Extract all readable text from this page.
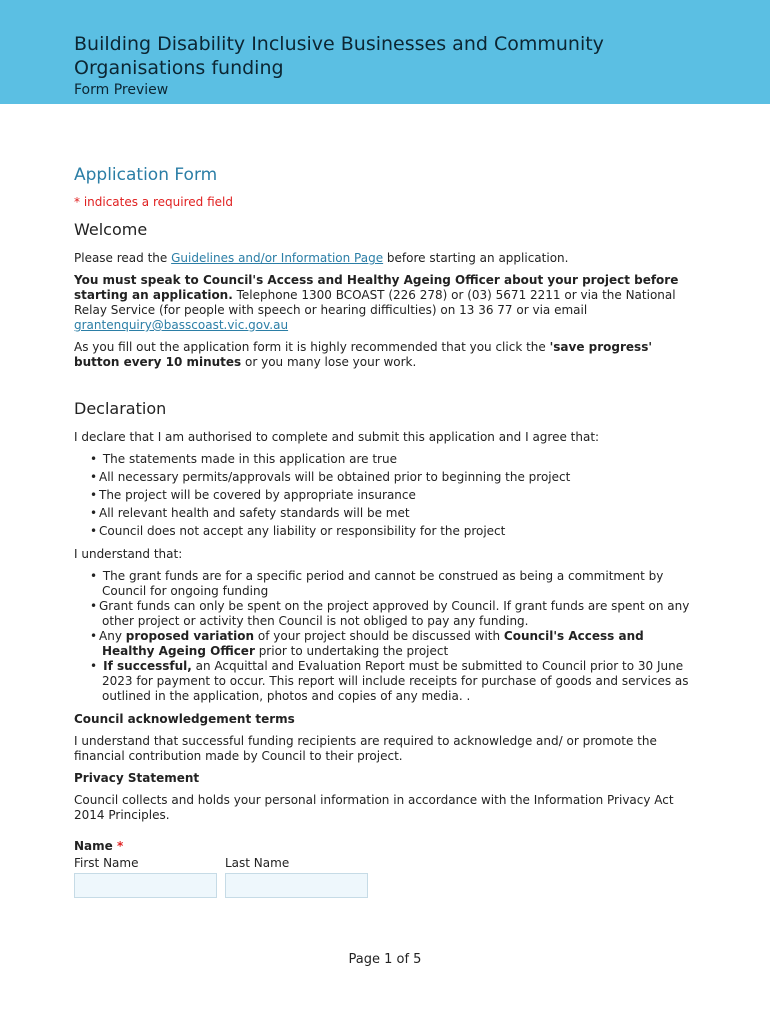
Building Disability Inclusive Businesses and Community Organisations funding
Form Preview
Application Form
* indicates a required field
Welcome

Please read the Guidelines and/or Information Page before starting an application.

You must speak to Council's Access and Healthy Ageing Officer about your project before starting an application. Telephone 1300 BCOAST (226 278) or (03) 5671 2211 or via the National Relay Service (for people with speech or hearing difficulties) on 13 36 77 or via email grantenquiry@basscoast.vic.gov.au

As you fill out the application form it is highly recommended that you click the 'save progress' button every 10 minutes or you many lose your work.

Declaration

I declare that I am authorised to complete and submit this application and I agree that:

• The statements made in this application are true
• All necessary permits/approvals will be obtained prior to beginning the project
• The project will be covered by appropriate insurance
• All relevant health and safety standards will be met
• Council does not accept any liability or responsibility for the project

I understand that:

• The grant funds are for a specific period and cannot be construed as being a commitment by Council for ongoing funding
• Grant funds can only be spent on the project approved by Council. If grant funds are spent on any other project or activity then Council is not obliged to pay any funding.
• Any proposed variation of your project should be discussed with Council's Access and Healthy Ageing Officer prior to undertaking the project
• If successful, an Acquittal and Evaluation Report must be submitted to Council prior to 30 June 2023 for payment to occur. This report will include receipts for purchase of goods and services as outlined in the application, photos and copies of any media. .
Council acknowledgement terms

I understand that successful funding recipients are required to acknowledge and/ or promote the financial contribution made by Council to their project.

Privacy Statement

Council collects and holds your personal information in accordance with the Information Privacy Act 2014 Principles.

Name *
First Name	Last Name
Page 1 of 5
